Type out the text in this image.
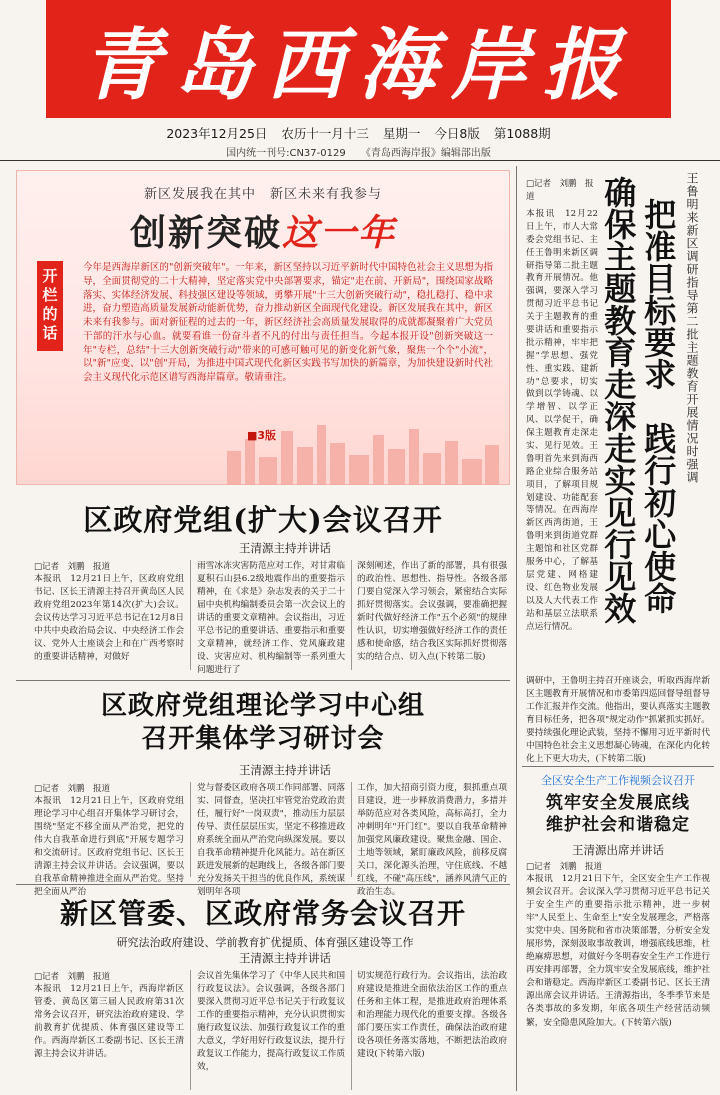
青岛西海岸报
2023年12月25日 农历十一月十三 星期一 今日8版 第1088期
国内统一刊号:CN37-0129 《青岛西海岸报》编辑部出版
新区发展我在其中　新区未来有我参与
创新突破这一年
开栏的话
今年是西海岸新区的"创新突破年"。一年来，新区坚持以习近平新时代中国特色社会主义思想为指导，全面贯彻党的二十大精神，坚定落实党中央部署要求，锚定"走在前、开新局"，围绕国家战略落实、实体经济发展、科技强区建设等领域，勇攀开展"十三大创新突破行动"，稳扎稳打、稳中求进，奋力塑造高质量发展新动能新优势，奋力推动新区全面现代化建设。新区发展我在其中，新区未来有我参与。面对新征程的过去的一年，新区经济社会高质量发展取得的成就都凝聚着广大党员干部的汗水与心血。就要看谁一份奋斗者不凡的付出与责任担当。今起本报开设"创新突破这一年"专栏，总结"十三大创新突破行动"带来的可感可触可见的新变化新气象，聚焦一个个"小流"，以"新"应变、以"创"开局，为推进中国式现代化新区实践书写加快的新篇章，为加快建设新时代社会主义现代化示范区谱写西海岸篇章。敬请垂注。
■3版
区政府党组(扩大)会议召开
王清源主持并讲话
□记者　刘鹏　报道
本报讯　12月21日上午，区政府党组书记、区长王清源主持召开黄岛区人民政府党组2023年第14次(扩大)会议。会议传达学习习近平总书记在12月8日中共中央政治局会议、中央经济工作会议、党外人士座谈会上和在广西考察时的重要讲话精神，对做好
雨雪冰冻灾害防范应对工作，对甘肃临夏积石山县6.2级地震作出的重要指示精神，在《求是》杂志发表的关于二十届中央机构编制委员会第一次会议上的讲话的重要文章精神。会议指出，习近平总书记的重要讲话、重要指示和重要文章精神，就经济工作、党风廉政建设、灾害应对、机构编制等一系列重大问题进行了
深刻阐述，作出了新的部署，具有很强的政治性、思想性、指导性。各级各部门要自觉深入学习领会，紧密结合实际抓好贯彻落实。会议强调，要准确把握新时代做好经济工作"五个必须"的规律性认识，切实增强做好经济工作的责任感和使命感，结合我区实际抓好贯彻落实的结合点、切入点(下转第二版)
区政府党组理论学习中心组
召开集体学习研讨会
王清源主持并讲话
□记者　刘鹏　报道
本报讯　12月21日上午，区政府党组理论学习中心组召开集体学习研讨会，围绕"坚定不移全面从严治党，把党的伟大自我革命进行到底"开展专题学习和交流研讨。区政府党组书记、区长王清源主持会议并讲话。会议强调，要以自我革命精神推进全面从严治党。坚持把全面从严治
党与督委区政府各项工作同部署、同落实、同督查，坚决扛牢管党治党政治责任，履行好"一岗双责"，推动压力层层传导、责任层层压实，坚定不移推进政府系统全面从严治党向纵深发展。要以自我革命精神提升化风能力。站在新区跃进发展新的起跑线上，各级各部门要充分发扬关干担当的优良作风，系统谋划明年各项
工作，加大招商引资力度，狠抓重点项目建设，进一步释放消费潜力，多措并举防范应对各类风险，高标高打，全力冲刺明年"开门红"。要以自我革命精神加强党风廉政建设。聚焦金融、国企、土地等领域，紧盯廉政风险，前移反腐关口，深化源头治理，守住底线、不越红线，不碰"高压线"，涵养风清气正的政治生态。
新区管委、区政府常务会议召开
研究法治政府建设、学前教育扩优提质、体育强区建设等工作
王清源主持并讲话
□记者　刘鹏　报道
本报讯　12月21日上午，西海岸新区管委、黄岛区第三届人民政府第31次常务会议召开，研究法治政府建设、学前教育扩优提质、体育强区建设等工作。西海岸新区工委副书记、区长王清源主持会议并讲话。
会议首先集体学习了《中华人民共和国行政复议法》。会议强调，各级各部门要深入贯彻习近平总书记关于行政复议工作的重要指示精神，充分认识贯彻实施行政复议法、加强行政复议工作的重大意义，学好用好行政复议法，提升行政复议工作能力，提高行政复议工作质效，
切实规范行政行为。会议指出，法治政府建设是推进全面依法治区工作的重点任务和主体工程，是推进政府治理体系和治理能力现代化的重要支撑。各级各部门要压实工作责任，确保法治政府建设各项任务落实落地，不断把法治政府建设(下转第六版)
王鲁明来新区调研指导第二批主题教育开展情况时强调
把准目标要求　践行初心使命
确保主题教育走深走实见行见效
□记者　刘鹏　报道
本报讯　12月22日上午，市人大常委会党组书记、主任王鲁明来新区调研指导第二批主题教育开展情况。他强调，要深入学习贯彻习近平总书记关于主题教育的重要讲话和重要指示批示精神，牢牢把握"学思想、强党性、重实践、建新功"总要求，切实做到以学铸魂、以学增智、以学正风、以学促干，确保主题教育走深走实、见行见效。王鲁明首先来到海西路企业综合服务站项目，了解项目规划建设、功能配套等情况。在西海岸新区西湾街道，王鲁明来到街道党群主题馆和社区党群服务中心，了解基层党建、网格建设、红色物业发展以及人大代表工作站和基层立法联系点运行情况。
调研中，王鲁明主持召开座谈会，听取西海岸新区主题教育开展情况和市委第四巡回督导组督导工作汇报并作交流。他指出，要认真落实主题教育目标任务，把各项"规定动作"抓紧抓实抓好。要持续强化理论武装，坚持不懈用习近平新时代中国特色社会主义思想凝心铸魂，在深化内化转化上下更大功夫，(下转第二版)
全区安全生产工作视频会议召开
筑牢安全发展底线
维护社会和谐稳定
王清源出席并讲话
□记者　刘鹏　报道
本报讯　12月21日下午，全区安全生产工作视频会议召开。会议深入学习贯彻习近平总书记关于安全生产的重要指示批示精神，进一步树牢"人民至上、生命至上"安全发展理念，严格落实党中央、国务院和省市决策部署，分析安全发展形势，深刻汲取事故教训，增强底线思维，杜绝麻痹思想，对做好今冬明春安全生产工作进行再安排再部署，全力筑牢安全发展底线，维护社会和谐稳定。西海岸新区工委副书记、区长王清源出席会议并讲话。王清源指出，冬季季节来是各类事故的多发期，年底各项生产经营活动频繁，安全隐患风险加大。(下转第六版)
